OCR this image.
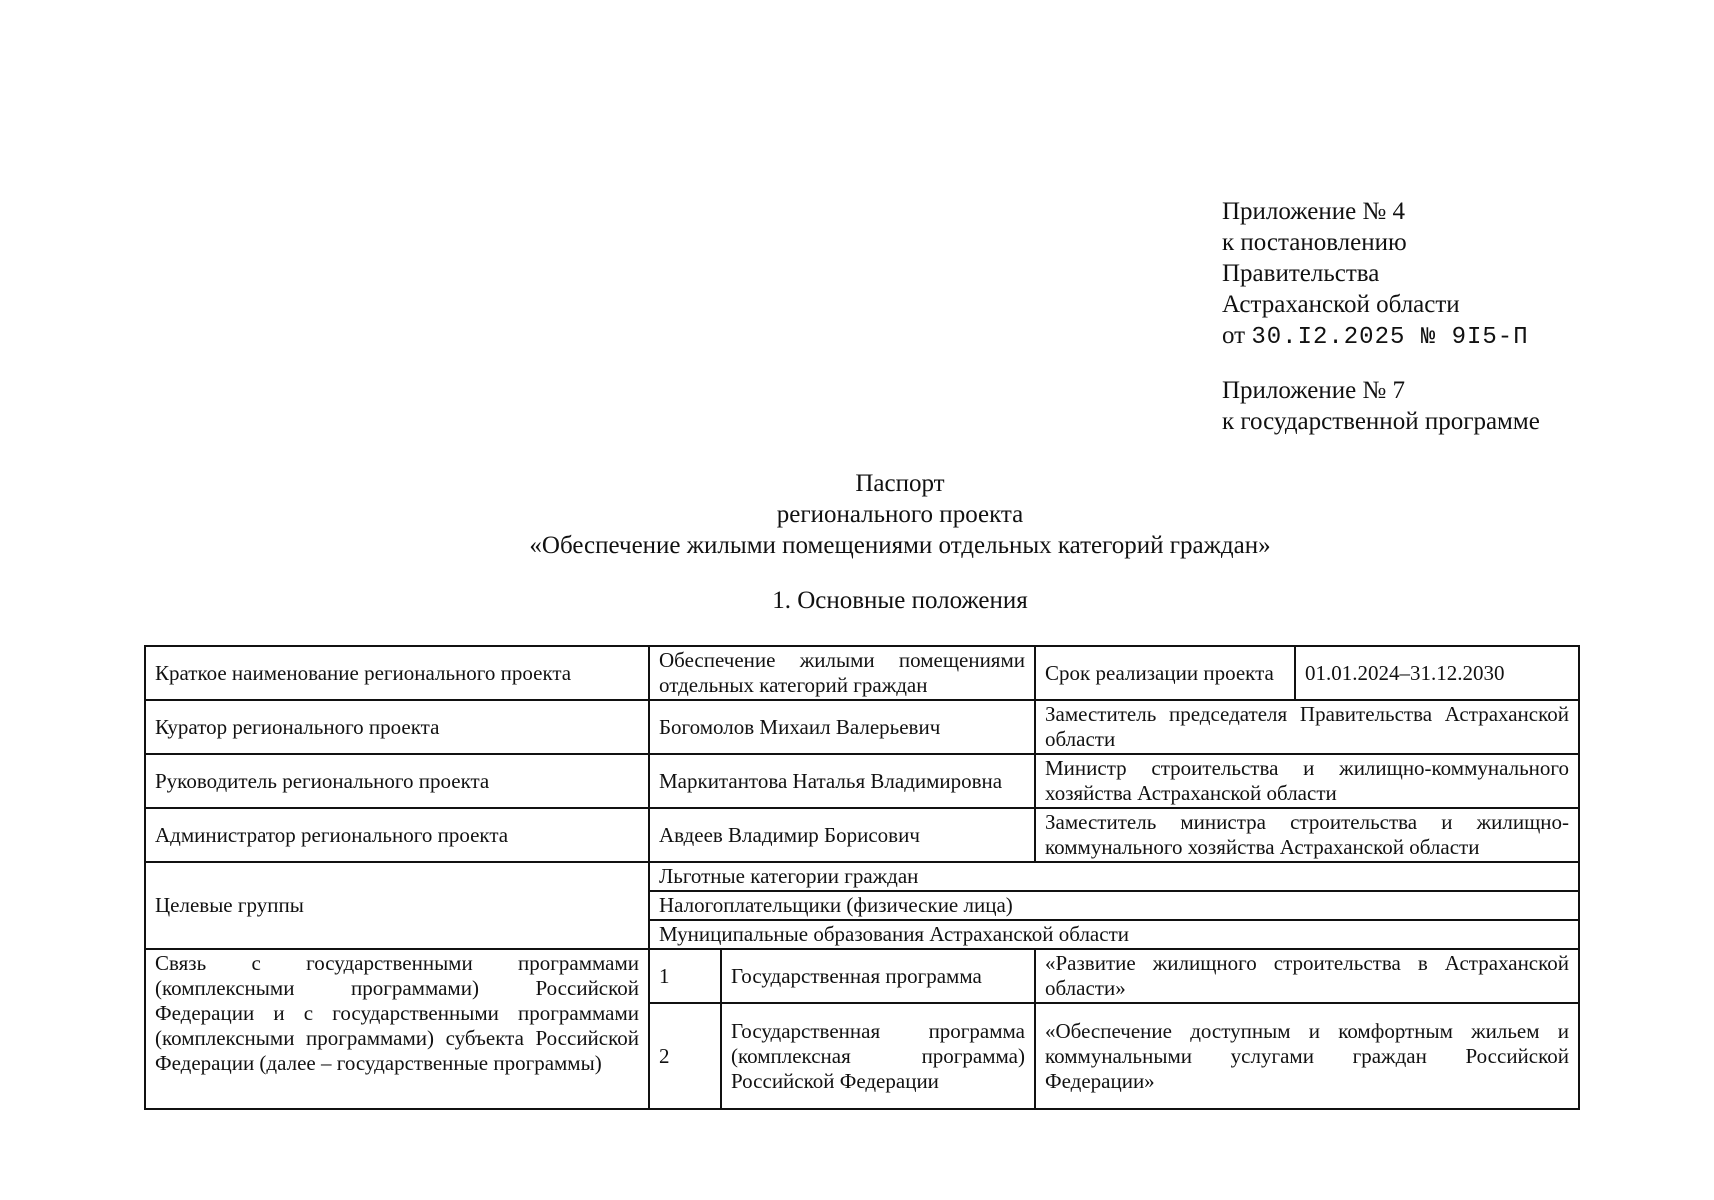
Приложение № 4
к постановлению
Правительства
Астраханской области
от 30.I2.2025 № 9I5-П
Приложение № 7
к государственной программе
Паспорт
регионального проекта
«Обеспечение жилыми помещениями отдельных категорий граждан»
1. Основные положения
Краткое наименование регионального проекта	Обеспечение жилыми помещениями отдельных категорий граждан		Срок реализации проекта	01.01.2024–31.12.2030
Куратор регионального проекта	Богомолов Михаил Валерьевич		Заместитель председателя Правительства Астраханской области	
Руководитель регионального проекта	Маркитантова Наталья Владимировна		Министр строительства и жилищно-коммунального хозяйства Астраханской области	
Администратор регионального проекта	Авдеев Владимир Борисович		Заместитель министра строительства и жилищно-коммунального хозяйства Астраханской области	
Целевые группы	Льготные категории граждан			
	Налогоплательщики (физические лица)			
	Муниципальные образования Астраханской области			
Связь с государственными программами (комплексными программами) Российской Федерации и с государственными программами (комплексными программами) субъекта Российской Федерации (далее – государственные программы)	1	Государственная программа	«Развитие жилищного строительства в Астраханской области»	
	2	Государственная программа (комплексная программа) Российской Федерации	«Обеспечение доступным и комфортным жильем и коммунальными услугами граждан Российской Федерации»	
